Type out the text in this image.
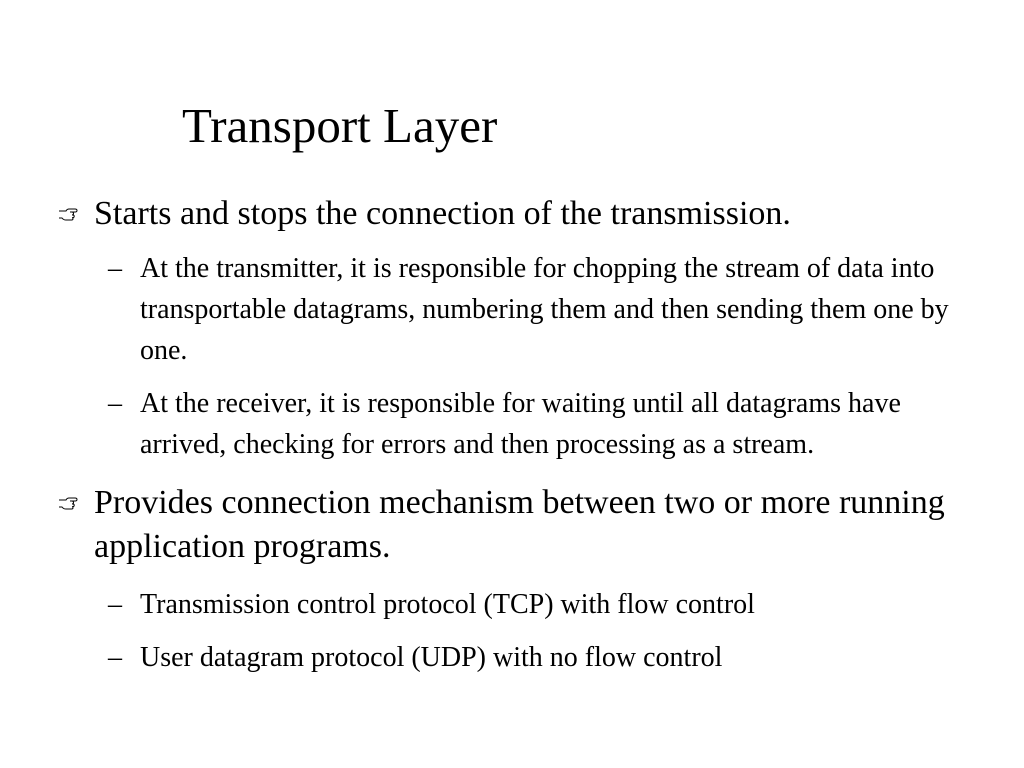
Transport Layer
Starts and stops the connection of the transmission.
– At the transmitter, it is responsible for chopping the stream of data into transportable datagrams, numbering them and then sending them one by one.
– At the receiver, it is responsible for waiting until all datagrams have arrived, checking for errors and then processing as a stream.
Provides connection mechanism between two or more running application programs.
– Transmission control protocol (TCP) with flow control
– User datagram protocol (UDP) with no flow control
